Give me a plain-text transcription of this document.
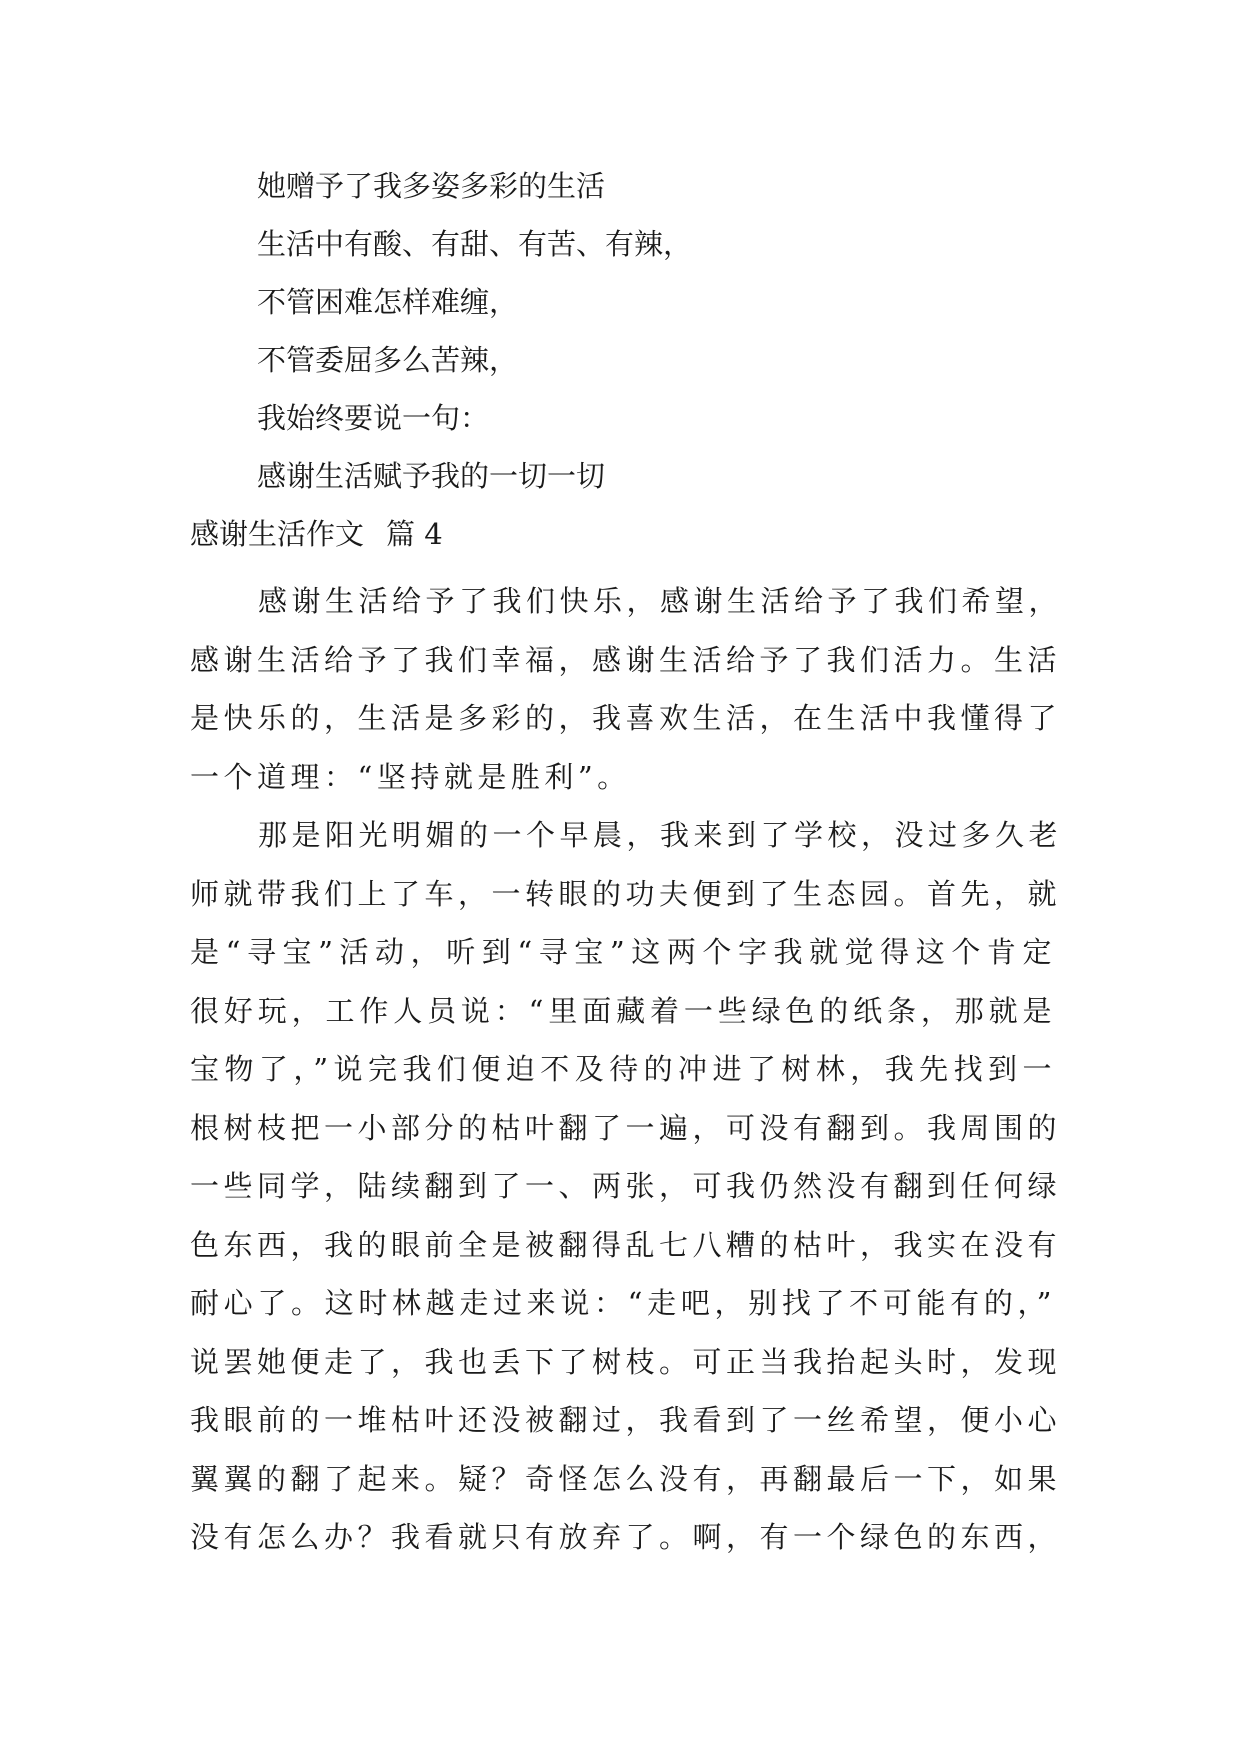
她赠予了我多姿多彩的生活

生活中有酸、有甜、有苦、有辣，

不管困难怎样难缠，

不管委屈多么苦辣，

我始终要说一句：

感谢生活赋予我的一切一切

感谢生活作文 篇 4

感谢生活给予了我们快乐，感谢生活给予了我们希望，
感谢生活给予了我们幸福，感谢生活给予了我们活力。生活
是快乐的，生活是多彩的，我喜欢生活，在生活中我懂得了
一个道理：“坚持就是胜利”。
那是阳光明媚的一个早晨，我来到了学校，没过多久老
师就带我们上了车，一转眼的功夫便到了生态园。首先，就
是“寻宝”活动，听到“寻宝”这两个字我就觉得这个肯定
很好玩，工作人员说：“里面藏着一些绿色的纸条，那就是
宝物了，”说完我们便迫不及待的冲进了树林，我先找到一
根树枝把一小部分的枯叶翻了一遍，可没有翻到。我周围的
一些同学，陆续翻到了一、两张，可我仍然没有翻到任何绿
色东西，我的眼前全是被翻得乱七八糟的枯叶，我实在没有
耐心了。这时林越走过来说：“走吧，别找了不可能有的，”
说罢她便走了，我也丢下了树枝。可正当我抬起头时，发现
我眼前的一堆枯叶还没被翻过，我看到了一丝希望，便小心
翼翼的翻了起来。疑？奇怪怎么没有，再翻最后一下，如果
没有怎么办？我看就只有放弃了。啊，有一个绿色的东西，
